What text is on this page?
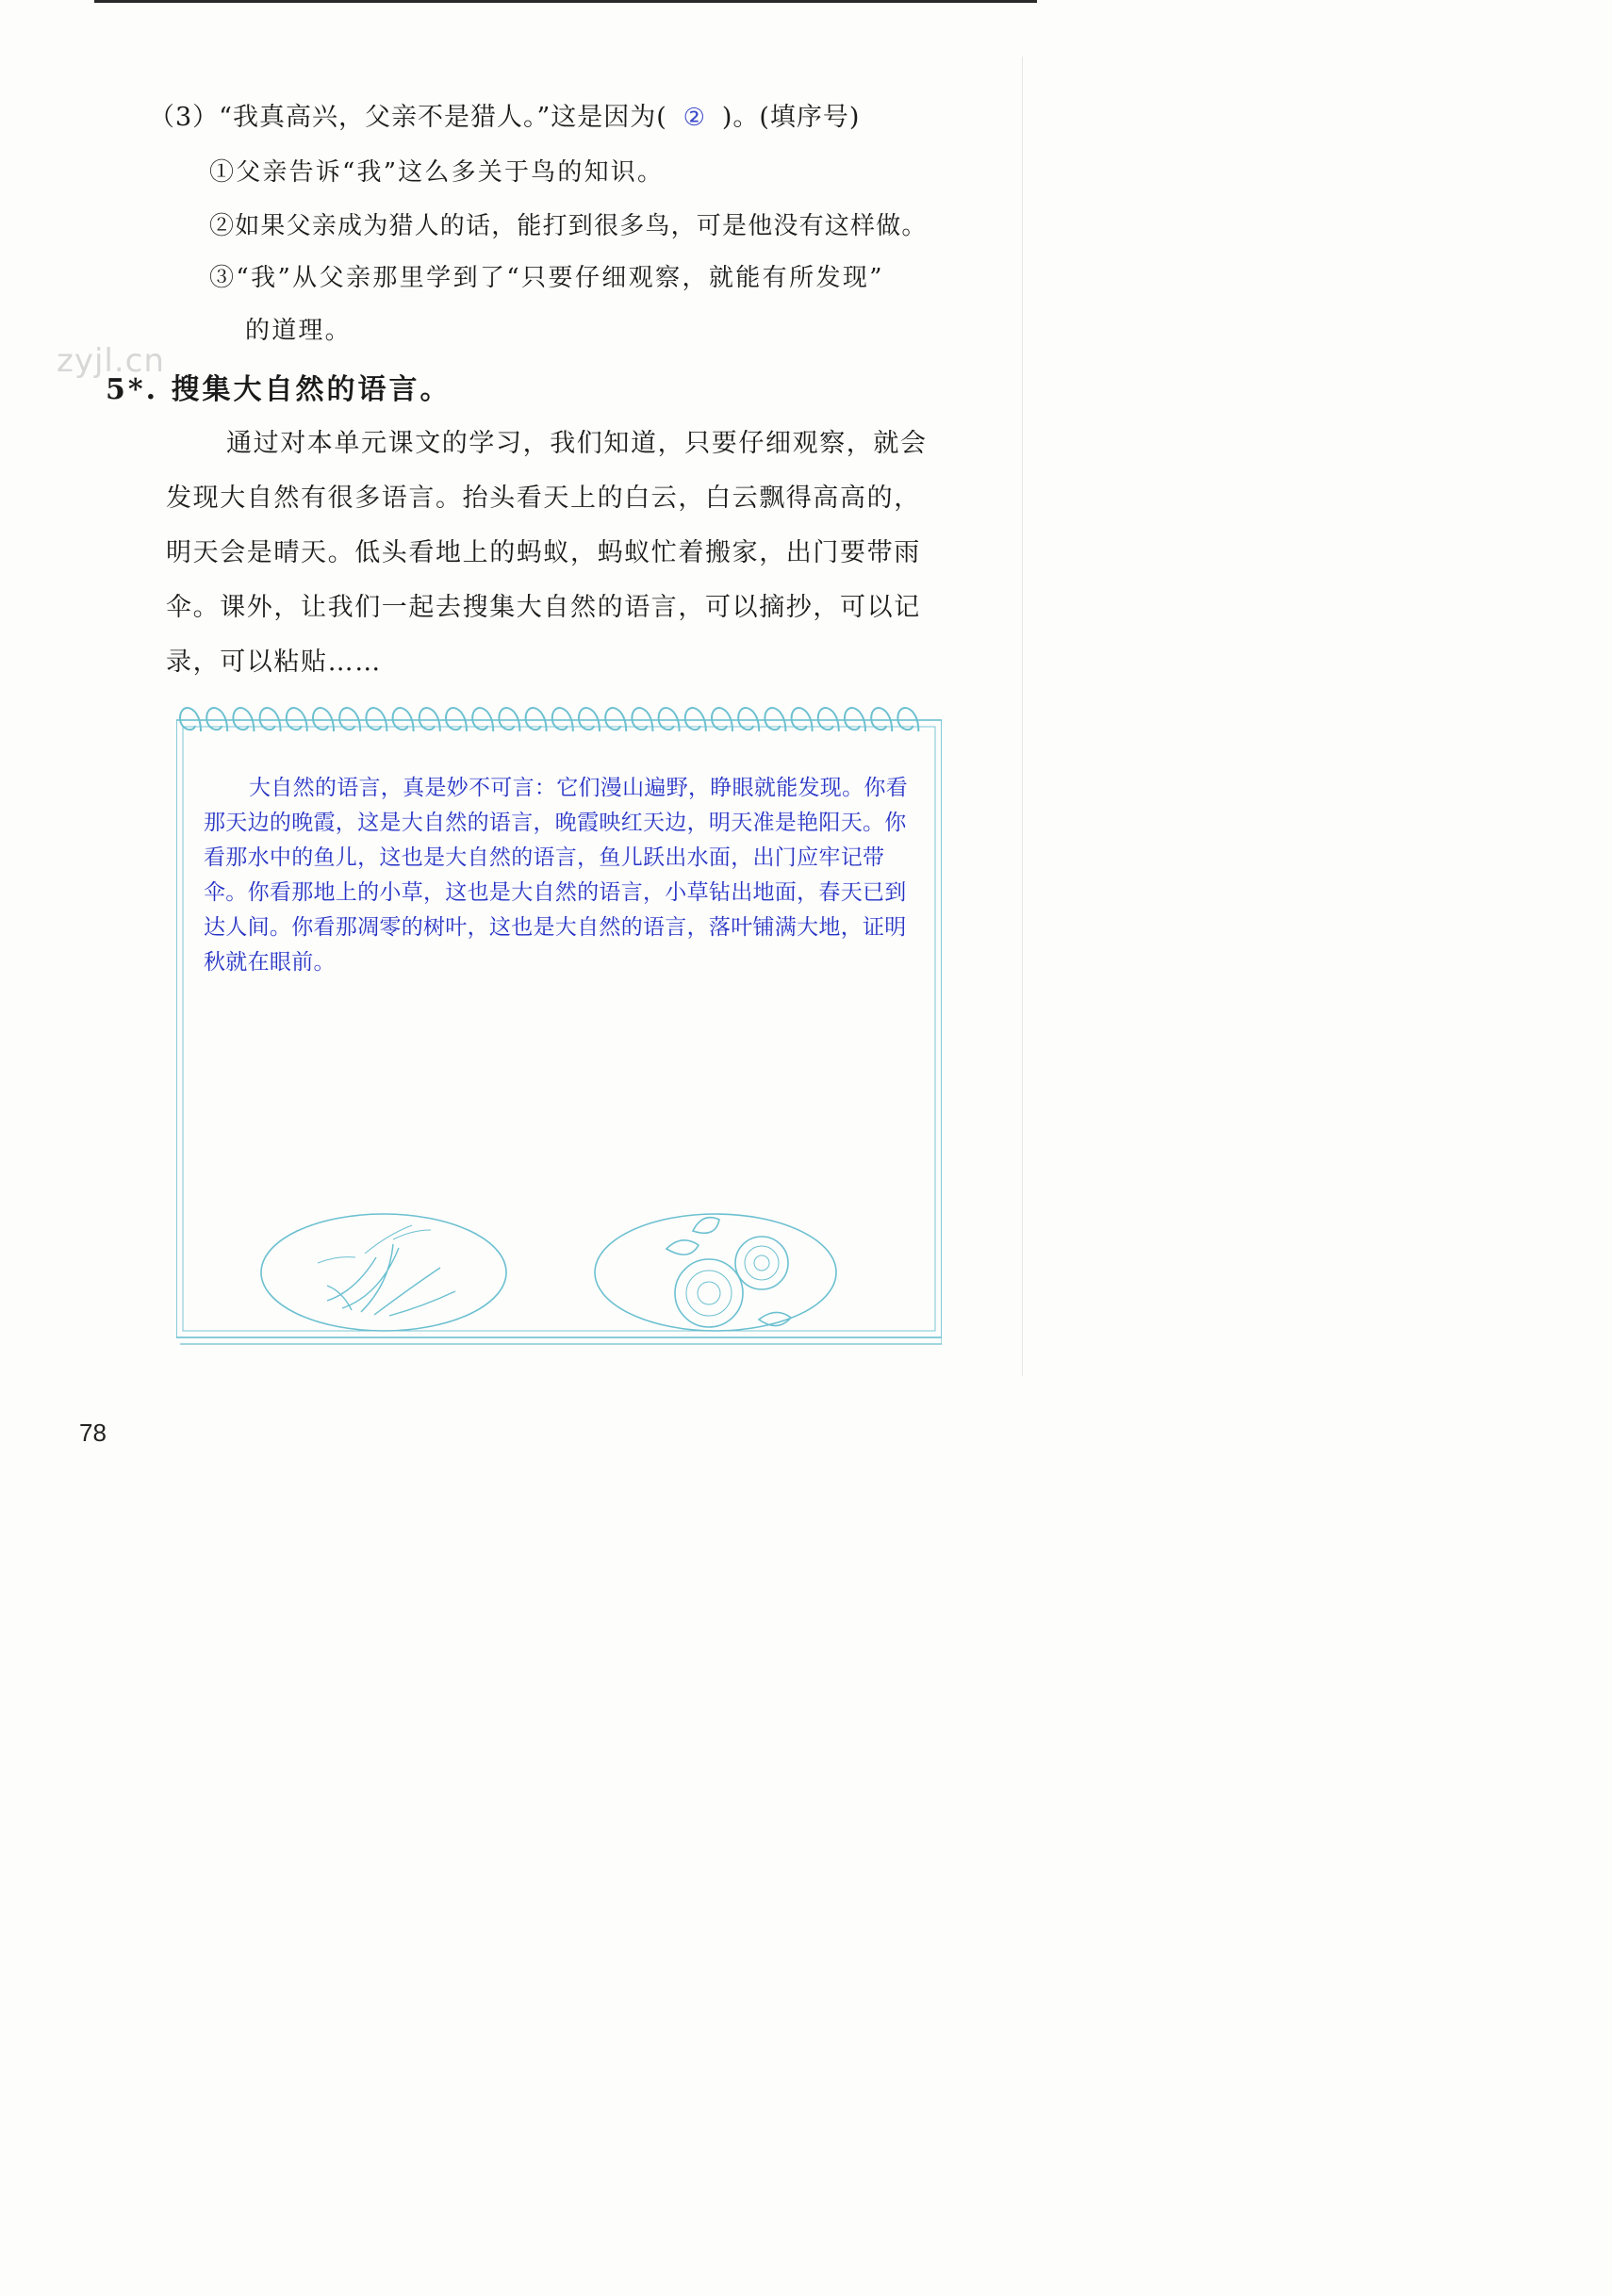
（3）“我真高兴，父亲不是猎人。”这是因为( ② )。(填序号)
①父亲告诉“我”这么多关于鸟的知识。
②如果父亲成为猎人的话，能打到很多鸟，可是他没有这样做。
③“我”从父亲那里学到了“只要仔细观察，就能有所发现”
的道理。
zyjl.cn
5*. 搜集大自然的语言。

通过对本单元课文的学习，我们知道，只要仔细观察，就会发现大自然有很多语言。抬头看天上的白云，白云飘得高高的，明天会是晴天。低头看地上的蚂蚁，蚂蚁忙着搬家，出门要带雨伞。课外，让我们一起去搜集大自然的语言，可以摘抄，可以记录，可以粘贴……

大自然的语言，真是妙不可言：它们漫山遍野，睁眼就能发现。你看那天边的晚霞，这是大自然的语言，晚霞映红天边，明天准是艳阳天。你看那水中的鱼儿，这也是大自然的语言，鱼儿跃出水面，出门应牢记带伞。你看那地上的小草，这也是大自然的语言，小草钻出地面，春天已到达人间。你看那凋零的树叶，这也是大自然的语言，落叶铺满大地，证明秋就在眼前。

78
